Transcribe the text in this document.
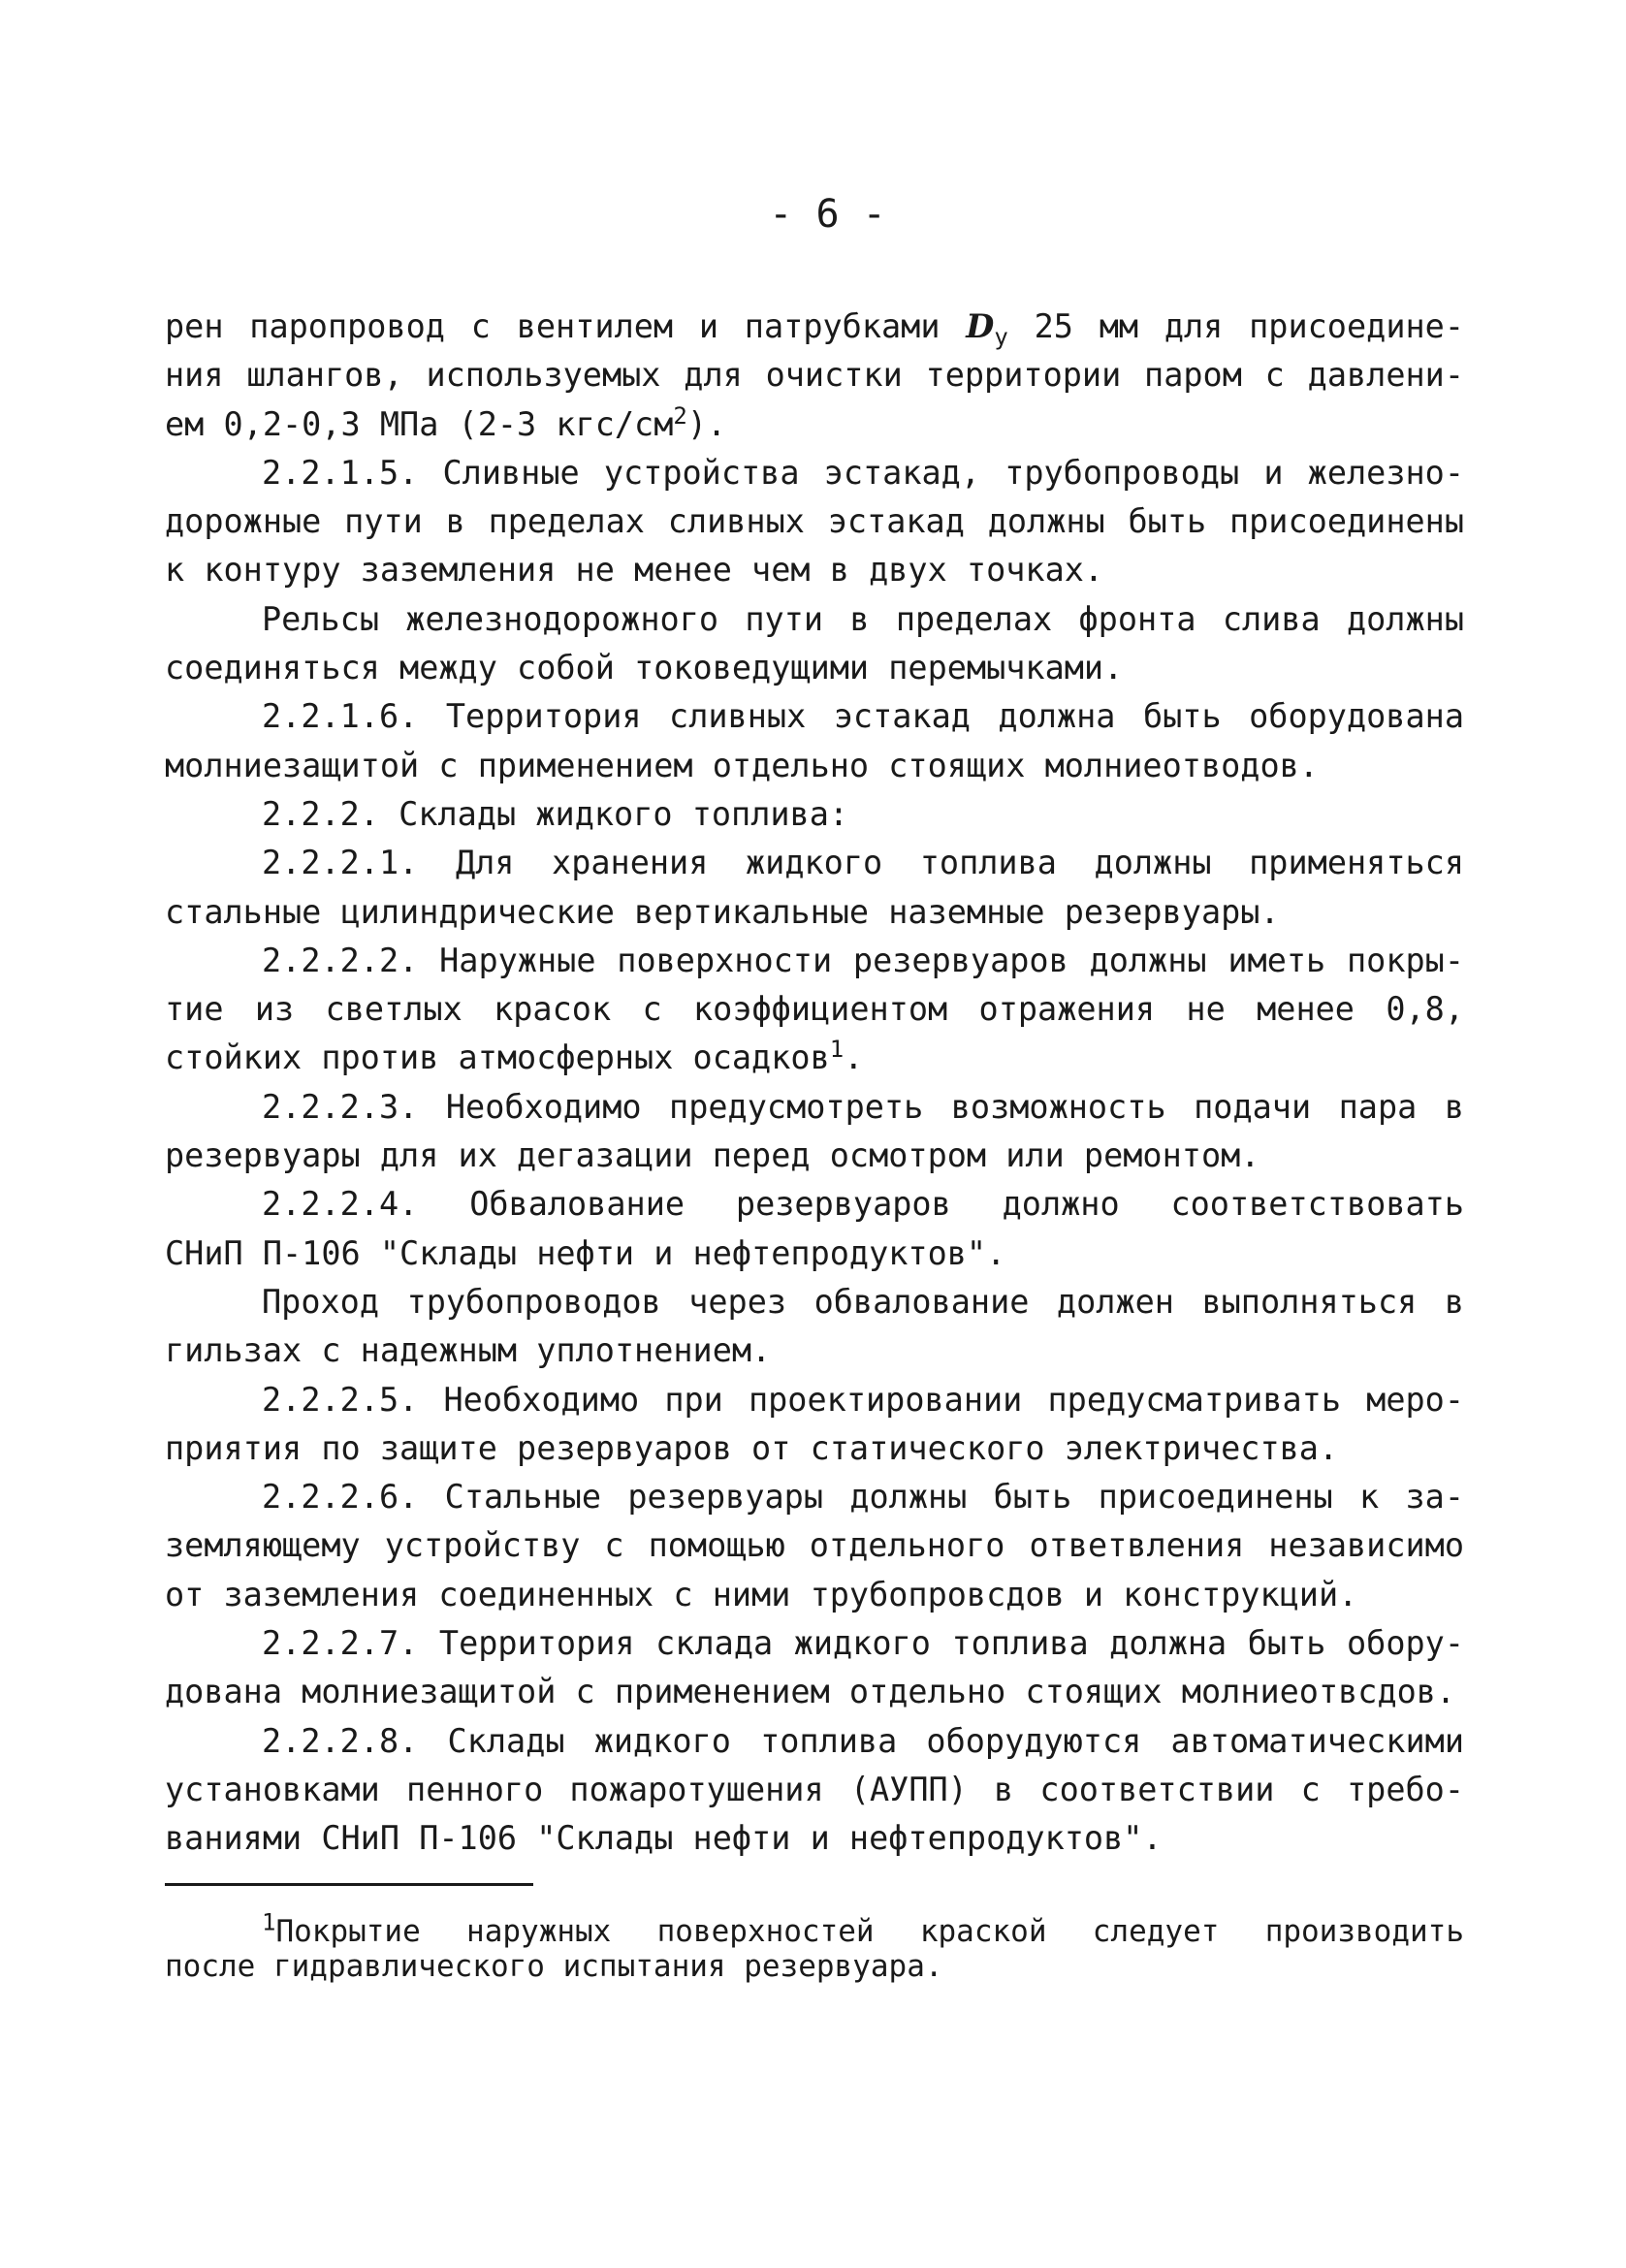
- 6 -
рен паропровод с вентилем и патрубками $D_у$ 25 мм для присоедине-
ния шлангов, используемых для очистки территории паром с давлени-
ем 0,2-0,3 МПа (2-3 кгс/$см^2$).
2.2.1.5. Сливные устройства эстакад, трубопроводы и железно-
дорожные пути в пределах сливных эстакад должны быть присоединены
к контуру заземления не менее чем в двух точках.
Рельсы железнодорожного пути в пределах фронта слива должны
соединяться между собой токоведущими перемычками.
2.2.1.6. Территория сливных эстакад должна быть оборудована
молниезащитой с применением отдельно стоящих молниеотводов.
2.2.2. Склады жидкого топлива:
2.2.2.1. Для хранения жидкого топлива должны применяться
стальные цилиндрические вертикальные наземные резервуары.
2.2.2.2. Наружные поверхности резервуаров должны иметь покры-
тие из светлых красок с коэффициентом отражения не менее 0,8,
стойких против атмосферных осадков$^1$.
2.2.2.3. Необходимо предусмотреть возможность подачи пара в
резервуары для их дегазации перед осмотром или ремонтом.
2.2.2.4. Обвалование резервуаров должно соответствовать
СНиП П-106 "Склады нефти и нефтепродуктов".
Проход трубопроводов через обвалование должен выполняться в
гильзах с надежным уплотнением.
2.2.2.5. Необходимо при проектировании предусматривать меро-
приятия по защите резервуаров от статического электричества.
2.2.2.6. Стальные резервуары должны быть присоединены к за-
земляющему устройству с помощью отдельного ответвления независимо
от заземления соединенных с ними трубопровсдов и конструкций.
2.2.2.7. Территория склада жидкого топлива должна быть обору-
дована молниезащитой с применением отдельно стоящих молниеотвсдов.
2.2.2.8. Склады жидкого топлива оборудуются автоматическими
установками пенного пожаротушения (АУПП) в соответствии с требо-
ваниями СНиП П-106 "Склады нефти и нефтепродуктов".
$^1$Покрытие наружных поверхностей краской следует производить
после гидравлического испытания резервуара.
